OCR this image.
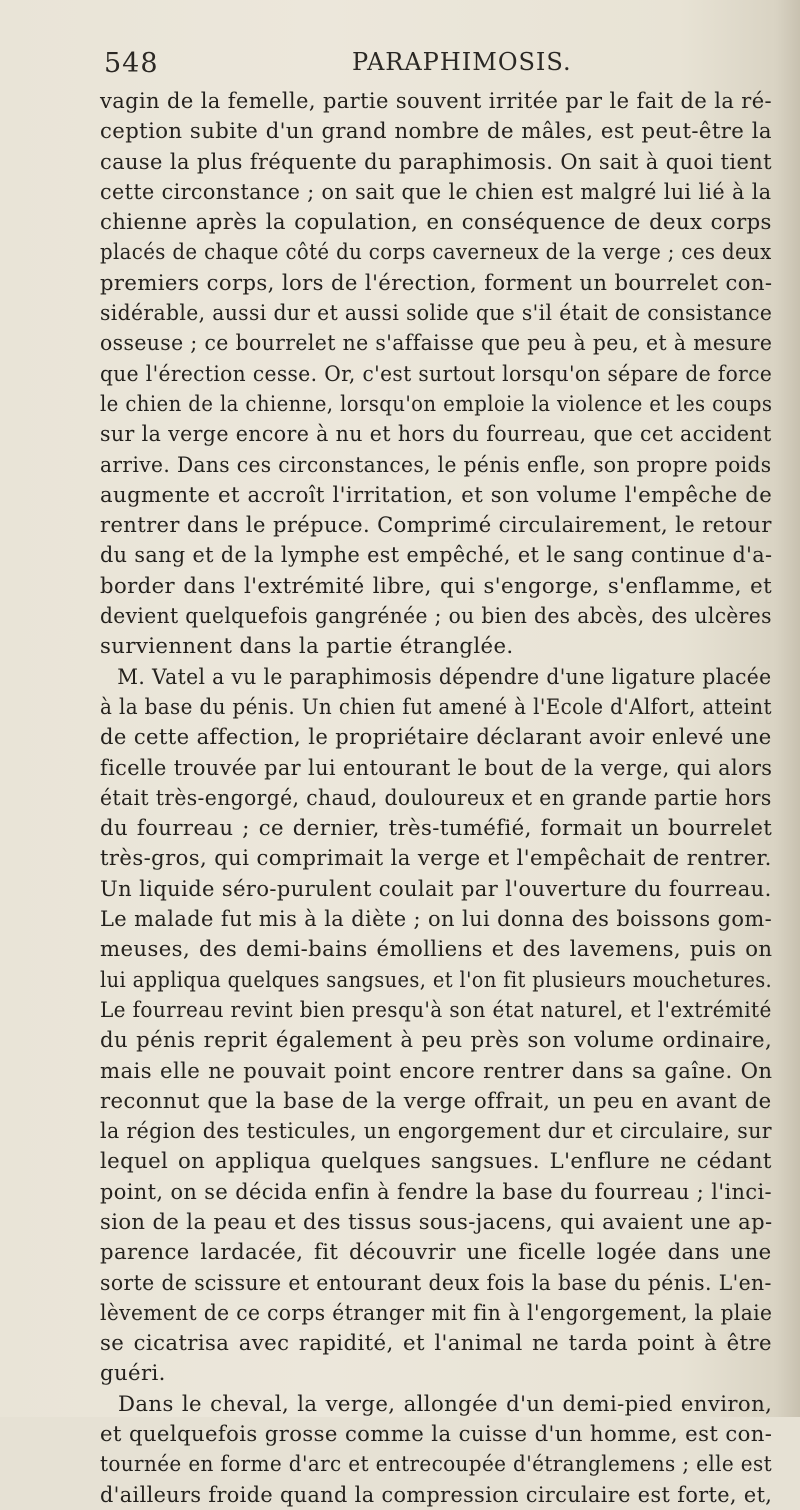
548	PARAPHIMOSIS.
vagin de la femelle, partie souvent irritée par le fait de la ré-
ception subite d'un grand nombre de mâles, est peut-être la
cause la plus fréquente du paraphimosis. On sait à quoi tient
cette circonstance ; on sait que le chien est malgré lui lié à la
chienne après la copulation, en conséquence de deux corps
placés de chaque côté du corps caverneux de la verge ; ces deux
premiers corps, lors de l'érection, forment un bourrelet con-
sidérable, aussi dur et aussi solide que s'il était de consistance
osseuse ; ce bourrelet ne s'affaisse que peu à peu, et à mesure
que l'érection cesse. Or, c'est surtout lorsqu'on sépare de force
le chien de la chienne, lorsqu'on emploie la violence et les coups
sur la verge encore à nu et hors du fourreau, que cet accident
arrive. Dans ces circonstances, le pénis enfle, son propre poids
augmente et accroît l'irritation, et son volume l'empêche de
rentrer dans le prépuce. Comprimé circulairement, le retour
du sang et de la lymphe est empêché, et le sang continue d'a-
border dans l'extrémité libre, qui s'engorge, s'enflamme, et
devient quelquefois gangrénée ; ou bien des abcès, des ulcères
surviennent dans la partie étranglée.
M. Vatel a vu le paraphimosis dépendre d'une ligature placée
à la base du pénis. Un chien fut amené à l'Ecole d'Alfort, atteint
de cette affection, le propriétaire déclarant avoir enlevé une
ficelle trouvée par lui entourant le bout de la verge, qui alors
était très-engorgé, chaud, douloureux et en grande partie hors
du fourreau ; ce dernier, très-tuméfié, formait un bourrelet
très-gros, qui comprimait la verge et l'empêchait de rentrer.
Un liquide séro-purulent coulait par l'ouverture du fourreau.
Le malade fut mis à la diète ; on lui donna des boissons gom-
meuses, des demi-bains émolliens et des lavemens, puis on
lui appliqua quelques sangsues, et l'on fit plusieurs mouchetures.
Le fourreau revint bien presqu'à son état naturel, et l'extrémité
du pénis reprit également à peu près son volume ordinaire,
mais elle ne pouvait point encore rentrer dans sa gaîne. On
reconnut que la base de la verge offrait, un peu en avant de
la région des testicules, un engorgement dur et circulaire, sur
lequel on appliqua quelques sangsues. L'enflure ne cédant
point, on se décida enfin à fendre la base du fourreau ; l'inci-
sion de la peau et des tissus sous-jacens, qui avaient une ap-
parence lardacée, fit découvrir une ficelle logée dans une
sorte de scissure et entourant deux fois la base du pénis. L'en-
lèvement de ce corps étranger mit fin à l'engorgement, la plaie
se cicatrisa avec rapidité, et l'animal ne tarda point à être
guéri.
Dans le cheval, la verge, allongée d'un demi-pied environ,
et quelquefois grosse comme la cuisse d'un homme, est con-
tournée en forme d'arc et entrecoupée d'étranglemens ; elle est
d'ailleurs froide quand la compression circulaire est forte, et,
